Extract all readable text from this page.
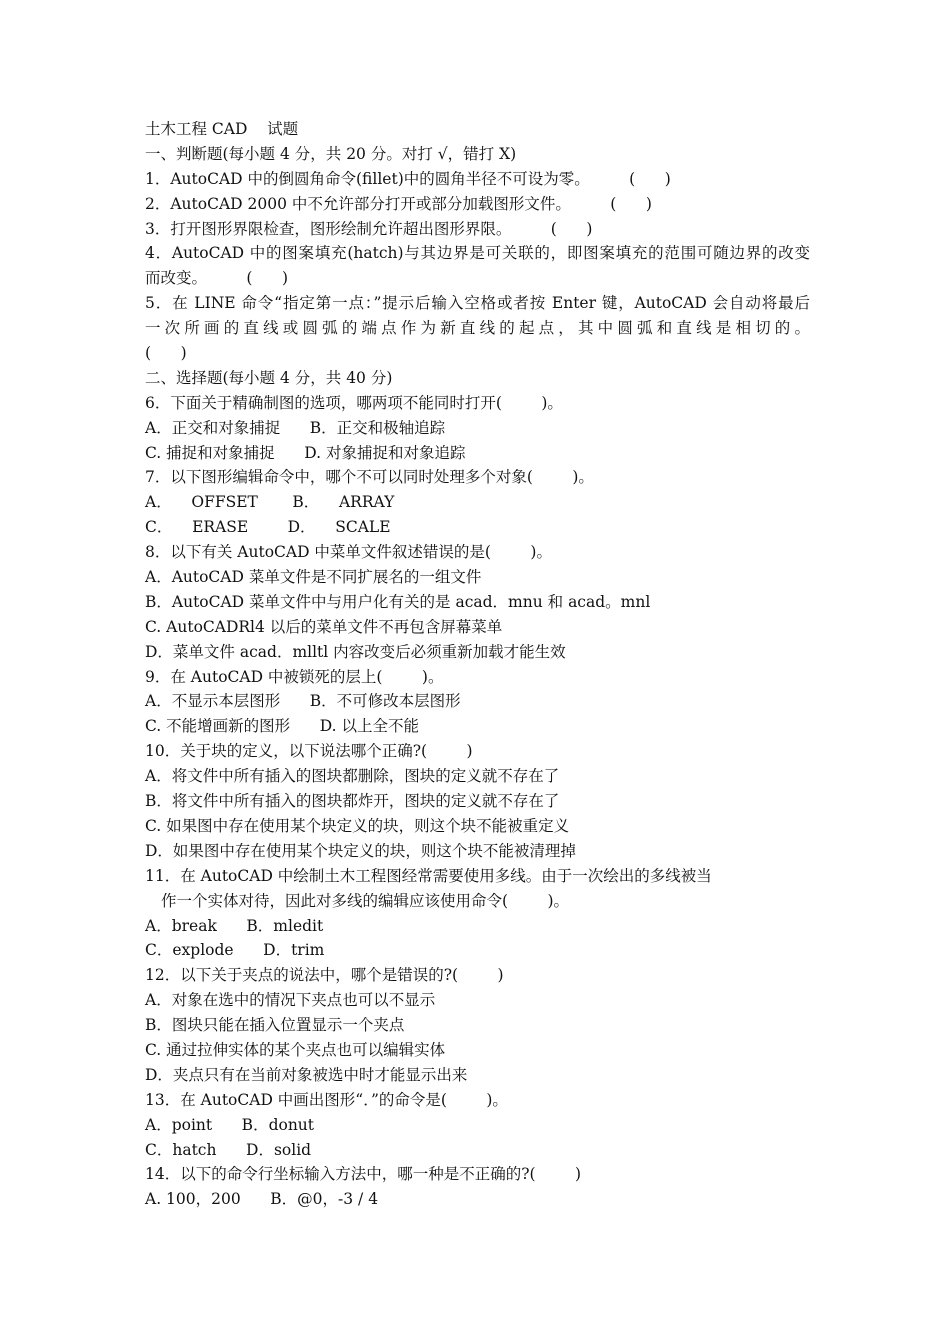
土木工程 CAD    试题
一、判断题(每小题 4 分，共 20 分。对打 √，错打 X)
1．AutoCAD 中的倒圆角命令(fillet)中的圆角半径不可设为零。        (      )
2．AutoCAD 2000 中不允许部分打开或部分加载图形文件。        (      )
3．打开图形界限检查，图形绘制允许超出图形界限。        (      )
4．AutoCAD 中的图案填充(hatch)与其边界是可关联的，即图案填充的范围可随边界的改变
而改变。        (      )
5．在 LINE 命令“指定第一点：”提示后输入空格或者按 Enter 键，AutoCAD 会自动将最后
一次所画的直线或圆弧的端点作为新直线的起点，其中圆弧和直线是相切的。
(      )
二、选择题(每小题 4 分，共 40 分)
6．下面关于精确制图的选项，哪两项不能同时打开(        )。
A．正交和对象捕捉      B．正交和极轴追踪
C. 捕捉和对象捕捉      D. 对象捕捉和对象追踪
7．以下图形编辑命令中，哪个不可以同时处理多个对象(        )。
A．    OFFSET       B．    ARRAY
C．    ERASE        D．    SCALE
8．以下有关 AutoCAD 中菜单文件叙述错误的是(        )。
A．AutoCAD 菜单文件是不同扩展名的一组文件
B．AutoCAD 菜单文件中与用户化有关的是 acad．mnu 和 acad。mnl
C. AutoCADRl4 以后的菜单文件不再包含屏幕菜单
D．菜单文件 acad．mlltl 内容改变后必须重新加载才能生效
9．在 AutoCAD 中被锁死的层上(        )。
A．不显示本层图形      B．不可修改本层图形
C. 不能增画新的图形      D. 以上全不能
10．关于块的定义，以下说法哪个正确?(        )
A．将文件中所有插入的图块都删除，图块的定义就不存在了
B．将文件中所有插入的图块都炸开，图块的定义就不存在了
C. 如果图中存在使用某个块定义的块，则这个块不能被重定义
D．如果图中存在使用某个块定义的块，则这个块不能被清理掉
11．在 AutoCAD 中绘制土木工程图经常需要使用多线。由于一次绘出的多线被当
作一个实体对待，因此对多线的编辑应该使用命令(        )。
A．break      B．mledit
C．explode      D．trim
12．以下关于夹点的说法中，哪个是错误的?(        )
A．对象在选中的情况下夹点也可以不显示
B．图块只能在插入位置显示一个夹点
C. 通过拉伸实体的某个夹点也可以编辑实体
D．夹点只有在当前对象被选中时才能显示出来
13．在 AutoCAD 中画出图形“．”的命令是(        )。
A．point      B．donut
C．hatch      D．solid
14．以下的命令行坐标输入方法中，哪一种是不正确的?(        )
A. 100，200      B．@0，-3 / 4
